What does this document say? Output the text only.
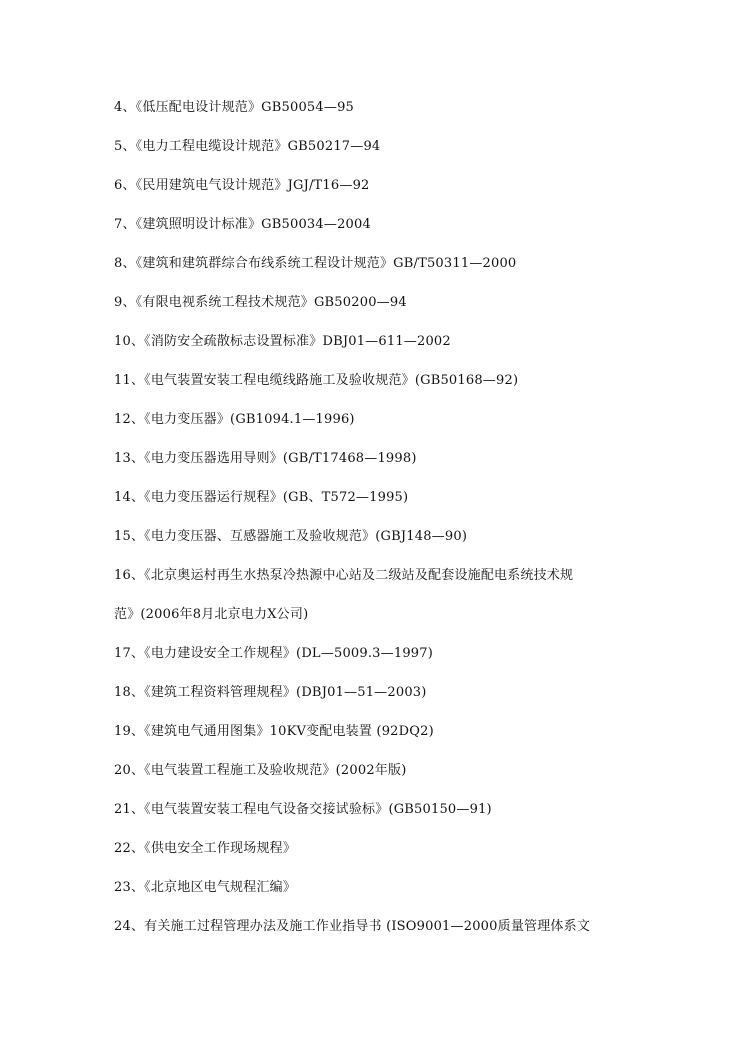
4、《低压配电设计规范》GB50054—95
5、《电力工程电缆设计规范》GB50217—94
6、《民用建筑电气设计规范》JGJ/T16—92
7、《建筑照明设计标准》GB50034—2004
8、《建筑和建筑群综合布线系统工程设计规范》GB/T50311—2000
9、《有限电视系统工程技术规范》GB50200—94
10、《消防安全疏散标志设置标准》DBJ01—611—2002
11、《电气装置安装工程电缆线路施工及验收规范》(GB50168—92)
12、《电力变压器》(GB1094.1—1996)
13、《电力变压器选用导则》(GB/T17468—1998)
14、《电力变压器运行规程》(GB、T572—1995)
15、《电力变压器、互感器施工及验收规范》(GBJ148—90)
16、《北京奥运村再生水热泵冷热源中心站及二级站及配套设施配电系统技术规
范》(2006年8月北京电力X公司)
17、《电力建设安全工作规程》(DL—5009.3—1997)
18、《建筑工程资料管理规程》(DBJ01—51—2003)
19、《建筑电气通用图集》10KV变配电装置 (92DQ2)
20、《电气装置工程施工及验收规范》(2002年版)
21、《电气装置安装工程电气设备交接试验标》(GB50150—91)
22、《供电安全工作现场规程》
23、《北京地区电气规程汇编》
24、有关施工过程管理办法及施工作业指导书 (ISO9001—2000质量管理体系文
